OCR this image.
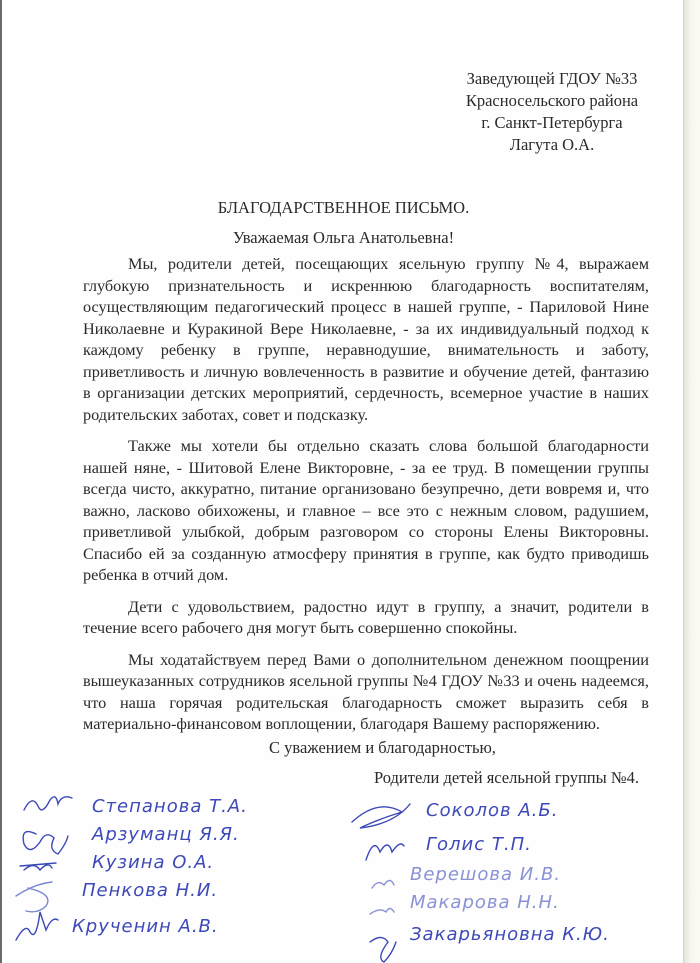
Заведующей ГДОУ №33
Красносельского района
г. Санкт-Петербурга
Лагута О.А.
БЛАГОДАРСТВЕННОЕ ПИСЬМО.
Уважаемая Ольга Анатольевна!

Мы, родители детей, посещающих ясельную группу №4, выражаем глубокую признательность и искреннюю благодарность воспитателям, осуществляющим педагогический процесс в нашей группе, - Париловой Нине Николаевне и Куракиной Вере Николаевне, - за их индивидуальный подход к каждому ребенку в группе, неравнодушие, внимательность и заботу, приветливость и личную вовлеченность в развитие и обучение детей, фантазию в организации детских мероприятий, сердечность, всемерное участие в наших родительских заботах, совет и подсказку.

Также мы хотели бы отдельно сказать слова большой благодарности нашей няне, - Шитовой Елене Викторовне, - за ее труд. В помещении группы всегда чисто, аккуратно, питание организовано безупречно, дети вовремя и, что важно, ласково обихожены, и главное – все это с нежным словом, радушием, приветливой улыбкой, добрым разговором со стороны Елены Викторовны. Спасибо ей за созданную атмосферу принятия в группе, как будто приводишь ребенка в отчий дом.

Дети с удовольствием, радостно идут в группу, а значит, родители в течение всего рабочего дня могут быть совершенно спокойны.

Мы ходатайствуем перед Вами о дополнительном денежном поощрении вышеуказанных сотрудников ясельной группы №4 ГДОУ №33 и очень надеемся, что наша горячая родительская благодарность сможет выразить себя в материально-финансовом воплощении, благодаря Вашему распоряжению.

С уважением и благодарностью,
Родители детей ясельной группы №4.
Степанова Т.А.
Арзуманц Я.Я.
Кузина О.А.
Пенкова Н.И.
Крученин А.В.
Соколов А.Б.
Голис Т.П.
Верешова И.В.
Макарова Н.Н.
Закарьяновна К.Ю.
